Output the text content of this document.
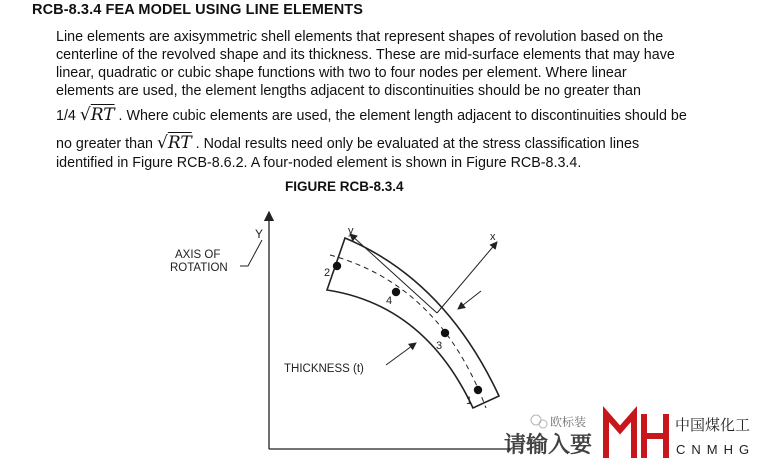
RCB-8.3.4 FEA MODEL USING LINE ELEMENTS
Line elements are axisymmetric shell elements that represent shapes of revolution based on the
centerline of the revolved shape and its thickness. These are mid-surface elements that may have
linear, quadratic or cubic shape functions with two to four nodes per element. Where linear
elements are used, the element lengths adjacent to discontinuities should be no greater than
1/4 √RT . Where cubic elements are used, the element length adjacent to discontinuities should be
no greater than √RT . Nodal results need only be evaluated at the stress classification lines
identified in Figure RCB-8.6.2. A four-noded element is shown in Figure RCB-8.3.4.
FIGURE RCB-8.3.4
Y
AXIS OF
ROTATION
y	x
THICKNESS (t)
1
2
3
4
欧标装
请输入要
中国煤化工
CNMHG
